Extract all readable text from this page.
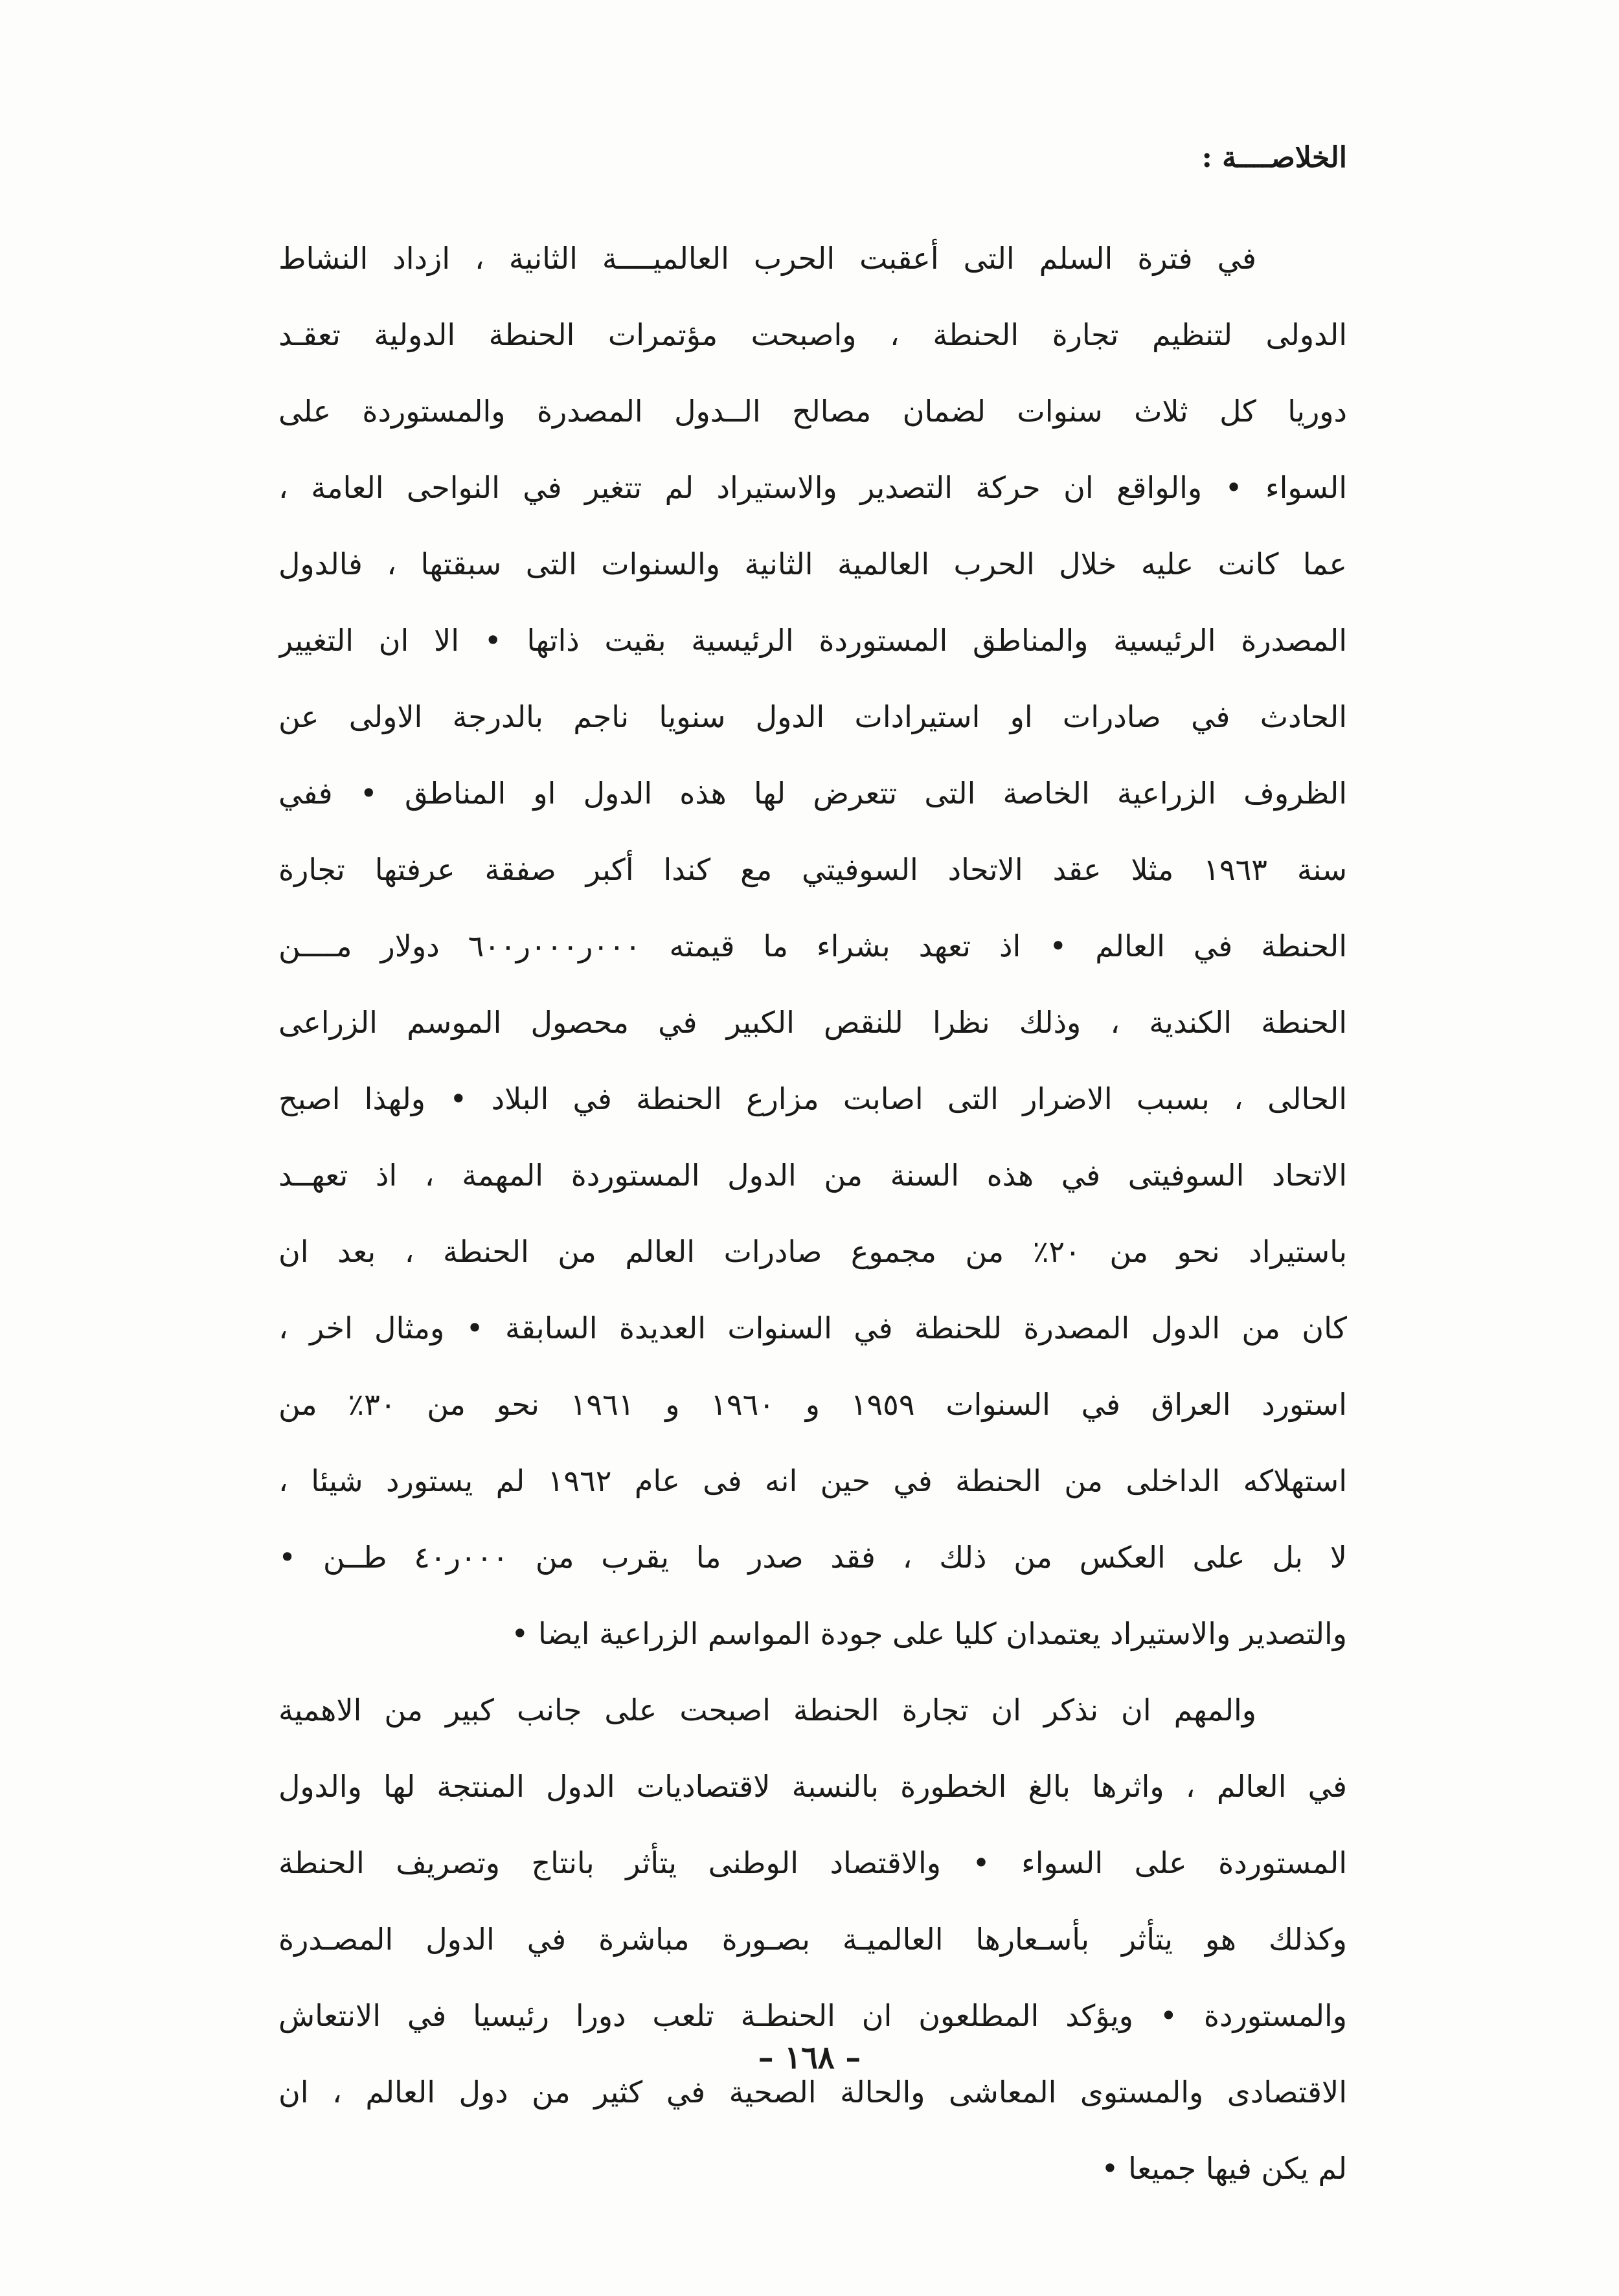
الخلاصــــة :
في فترة السلم التى أعقبت الحرب العالميــــة الثانية ، ازداد النشاط
الدولى لتنظيم تجارة الحنطة ، واصبحت مؤتمرات الحنطة الدولية تعقـد
دوريا كل ثلاث سنوات لضمان مصالح الــدول المصدرة والمستوردة على
السواء • والواقع ان حركة التصدير والاستيراد لم تتغير في النواحى العامة ،
عما كانت عليه خلال الحرب العالمية الثانية والسنوات التى سبقتها ، فالدول
المصدرة الرئيسية والمناطق المستوردة الرئيسية بقيت ذاتها • الا ان التغيير
الحادث في صادرات او استيرادات الدول سنويا ناجم بالدرجة الاولى عن
الظروف الزراعية الخاصة التى تتعرض لها هذه الدول او المناطق • ففي
سنة ١٩٦٣ مثلا عقد الاتحاد السوفيتي مع كندا أكبر صفقة عرفتها تجارة
الحنطة في العالم • اذ تعهد بشراء ما قيمته ٠٠٠ر٠٠٠ر٦٠٠ دولار مــــن
الحنطة الكندية ، وذلك نظرا للنقص الكبير في محصول الموسم الزراعى
الحالى ، بسبب الاضرار التى اصابت مزارع الحنطة في البلاد • ولهذا اصبح
الاتحاد السوفيتى في هذه السنة من الدول المستوردة المهمة ، اذ تعهــد
باستيراد نحو من ٢٠٪ من مجموع صادرات العالم من الحنطة ، بعد ان
كان من الدول المصدرة للحنطة في السنوات العديدة السابقة • ومثال اخر ،
استورد العراق في السنوات ١٩٥٩ و ١٩٦٠ و ١٩٦١ نحو من ٣٠٪ من
استهلاكه الداخلى من الحنطة في حين انه فى عام ١٩٦٢ لم يستورد شيئا ،
لا بل على العكس من ذلك ، فقد صدر ما يقرب من ٠٠٠ر٤٠ طــن •
والتصدير والاستيراد يعتمدان كليا على جودة المواسم الزراعية ايضا •
والمهم ان نذكر ان تجارة الحنطة اصبحت على جانب كبير من الاهمية
في العالم ، واثرها بالغ الخطورة بالنسبة لاقتصاديات الدول المنتجة لها والدول
المستوردة على السواء • والاقتصاد الوطنى يتأثر بانتاج وتصريف الحنطة
وكذلك هو يتأثر بأسـعارها العالميـة بصـورة مباشرة في الدول المصـدرة
والمستوردة • ويؤكد المطلعون ان الحنطـة تلعب دورا رئيسيا في الانتعاش
الاقتصادى والمستوى المعاشى والحالة الصحية في كثير من دول العالم ، ان
لم يكن فيها جميعا •
– ١٦٨ –
